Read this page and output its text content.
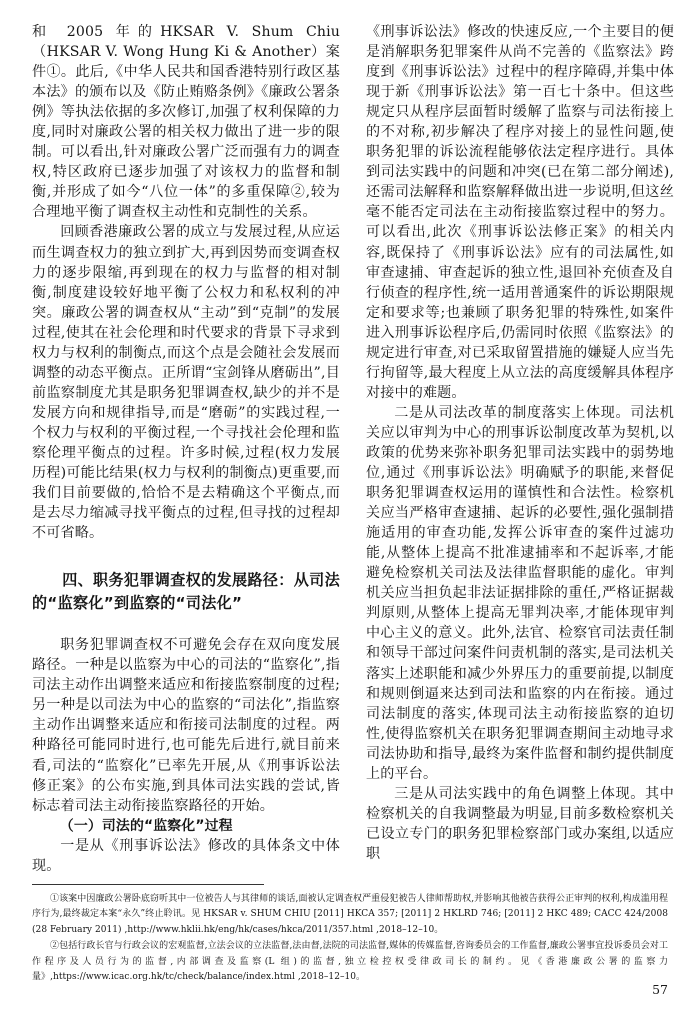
和 2005 年的HKSAR V. Shum Chiu （HKSAR V. Wong Hung Ki & Another）案件①。此后,《中华人民共和国香港特别行政区基本法》的颁布以及《防止贿赂条例》《廉政公署条例》等执法依据的多次修订,加强了权利保障的力度,同时对廉政公署的相关权力做出了进一步的限制。可以看出,针对廉政公署广泛而强有力的调查权,特区政府已逐步加强了对该权力的监督和制衡,并形成了如今“八位一体”的多重保障②,较为合理地平衡了调查权主动性和克制性的关系。

回顾香港廉政公署的成立与发展过程,从应运而生调查权力的独立到扩大,再到因势而变调查权力的逐步限缩,再到现在的权力与监督的相对制衡,制度建设较好地平衡了公权力和私权利的冲突。廉政公署的调查权从“主动”到“克制”的发展过程,使其在社会伦理和时代要求的背景下寻求到权力与权利的制衡点,而这个点是会随社会发展而调整的动态平衡点。正所谓“宝剑锋从磨砺出”,目前监察制度尤其是职务犯罪调查权,缺少的并不是发展方向和规律指导,而是“磨砺”的实践过程,一个权力与权利的平衡过程,一个寻找社会伦理和监察伦理平衡点的过程。许多时候,过程(权力发展历程)可能比结果(权力与权利的制衡点)更重要,而我们目前要做的,恰恰不是去精确这个平衡点,而是去尽力缩减寻找平衡点的过程,但寻找的过程却不可省略。

四、职务犯罪调查权的发展路径：从司法的“监察化”到监察的“司法化”

职务犯罪调查权不可避免会存在双向度发展路径。一种是以监察为中心的司法的“监察化”,指司法主动作出调整来适应和衔接监察制度的过程;另一种是以司法为中心的监察的“司法化”,指监察主动作出调整来适应和衔接司法制度的过程。两种路径可能同时进行,也可能先后进行,就目前来看,司法的“监察化”已率先开展,从《刑事诉讼法修正案》的公布实施,到具体司法实践的尝试,皆标志着司法主动衔接监察路径的开始。

（一）司法的“监察化”过程

一是从《刑事诉讼法》修改的具体条文中体现。

《刑事诉讼法》修改的快速反应,一个主要目的便是消解职务犯罪案件从尚不完善的《监察法》跨度到《刑事诉讼法》过程中的程序障碍,并集中体现于新《刑事诉讼法》第一百七十条中。但这些规定只从程序层面暂时缓解了监察与司法衔接上的不对称,初步解决了程序对接上的显性问题,使职务犯罪的诉讼流程能够依法定程序进行。具体到司法实践中的问题和冲突(已在第二部分阐述),还需司法解释和监察解释做出进一步说明,但这丝毫不能否定司法在主动衔接监察过程中的努力。可以看出,此次《刑事诉讼法修正案》的相关内容,既保持了《刑事诉讼法》应有的司法属性,如审查逮捕、审查起诉的独立性,退回补充侦查及自行侦查的程序性,统一适用普通案件的诉讼期限规定和要求等;也兼顾了职务犯罪的特殊性,如案件进入刑事诉讼程序后,仍需同时依照《监察法》的规定进行审查,对已采取留置措施的嫌疑人应当先行拘留等,最大程度上从立法的高度缓解具体程序对接中的难题。

二是从司法改革的制度落实上体现。司法机关应以审判为中心的刑事诉讼制度改革为契机,以政策的优势来弥补职务犯罪司法实践中的弱势地位,通过《刑事诉讼法》明确赋予的职能,来督促职务犯罪调查权运用的谨慎性和合法性。检察机关应当严格审查逮捕、起诉的必要性,强化强制措施适用的审查功能,发挥公诉审查的案件过滤功能,从整体上提高不批准逮捕率和不起诉率,才能避免检察机关司法及法律监督职能的虚化。审判机关应当担负起非法证据排除的重任,严格证据裁判原则,从整体上提高无罪判决率,才能体现审判中心主义的意义。此外,法官、检察官司法责任制和领导干部过问案件问责机制的落实,是司法机关落实上述职能和减少外界压力的重要前提,以制度和规则倒逼来达到司法和监察的内在衔接。通过司法制度的落实,体现司法主动衔接监察的迫切性,使得监察机关在职务犯罪调查期间主动地寻求司法协助和指导,最终为案件监督和制约提供制度上的平台。

三是从司法实践中的角色调整上体现。其中检察机关的自我调整最为明显,目前多数检察机关已设立专门的职务犯罪检察部门或办案组,以适应职

①该案中因廉政公署卧底窃听其中一位被告人与其律师的谈话,面被认定调查权严重侵犯被告人律师帮助权,并影响其他被告获得公正审判的权利,构成滥用程序行为,最终裁定本案“永久”终止聆讯。见 HKSAR v. SHUM CHIU [2011] HKCA 357; [2011] 2 HKLRD 746; [2011] 2 HKC 489; CACC 424/2008 (28 February 2011) ,http://www.hklii.hk/eng/hk/cases/hkca/2011/357.html ,2018–12–10。

②包括行政长官与行政会议的宏观监督,立法会议的立法监督,法由督,法院的司法监督,媒体的传媒监督,咨询委员会的工作监督,廉政公署事宜投诉委员会对工作程序及人员行为的监督,内部调查及监察(L 组)的监督,独立检控权受律政司长的制约。见《香港廉政公署的监察力量》,https://www.icac.org.hk/tc/check/balance/index.html ,2018–12–10。

57
